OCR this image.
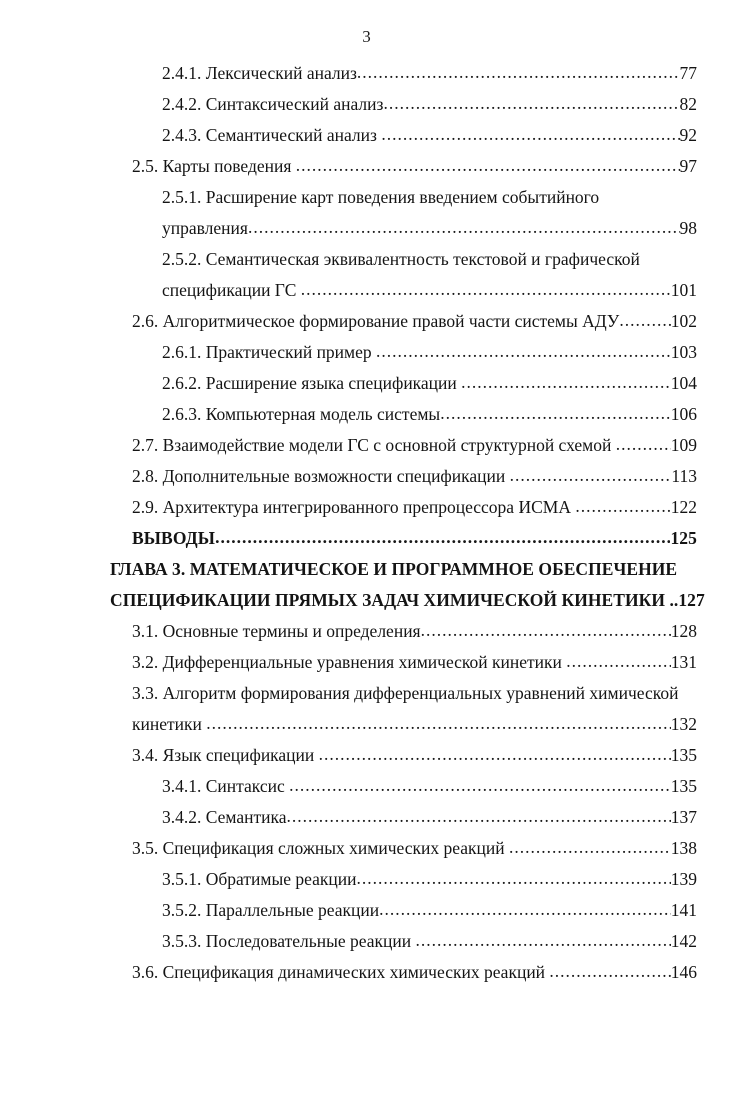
3
2.4.1. Лексический анализ .....	77
2.4.2. Синтаксический анализ .....	82
2.4.3. Семантический анализ .....	92
2.5. Карты поведения .....	97
2.5.1. Расширение карт поведения введением событийного
управления .....	98
2.5.2. Семантическая эквивалентность текстовой и графической
спецификации ГС .....	101
2.6. Алгоритмическое формирование правой части системы АДУ .....	102
2.6.1. Практический пример .....	103
2.6.2. Расширение языка спецификации .....	104
2.6.3. Компьютерная модель системы .....	106
2.7. Взаимодействие модели ГС с основной структурной схемой .....	109
2.8. Дополнительные возможности спецификации .....	113
2.9. Архитектура интегрированного препроцессора ИСМА .....	122
ВЫВОДЫ .....	125
ГЛАВА 3. МАТЕМАТИЧЕСКОЕ И ПРОГРАММНОЕ ОБЕСПЕЧЕНИЕ
СПЕЦИФИКАЦИИ ПРЯМЫХ ЗАДАЧ ХИМИЧЕСКОЙ КИНЕТИКИ ..127
3.1. Основные термины и определения .....	128
3.2. Дифференциальные уравнения химической кинетики .....	131
3.3. Алгоритм формирования дифференциальных уравнений химической
кинетики .....	132
3.4. Язык спецификации .....	135
3.4.1. Синтаксис .....	135
3.4.2. Семантика .....	137
3.5. Спецификация сложных химических реакций .....	138
3.5.1. Обратимые реакции .....	139
3.5.2. Параллельные реакции .....	141
3.5.3. Последовательные реакции .....	142
3.6. Спецификация динамических химических реакций .....	146
